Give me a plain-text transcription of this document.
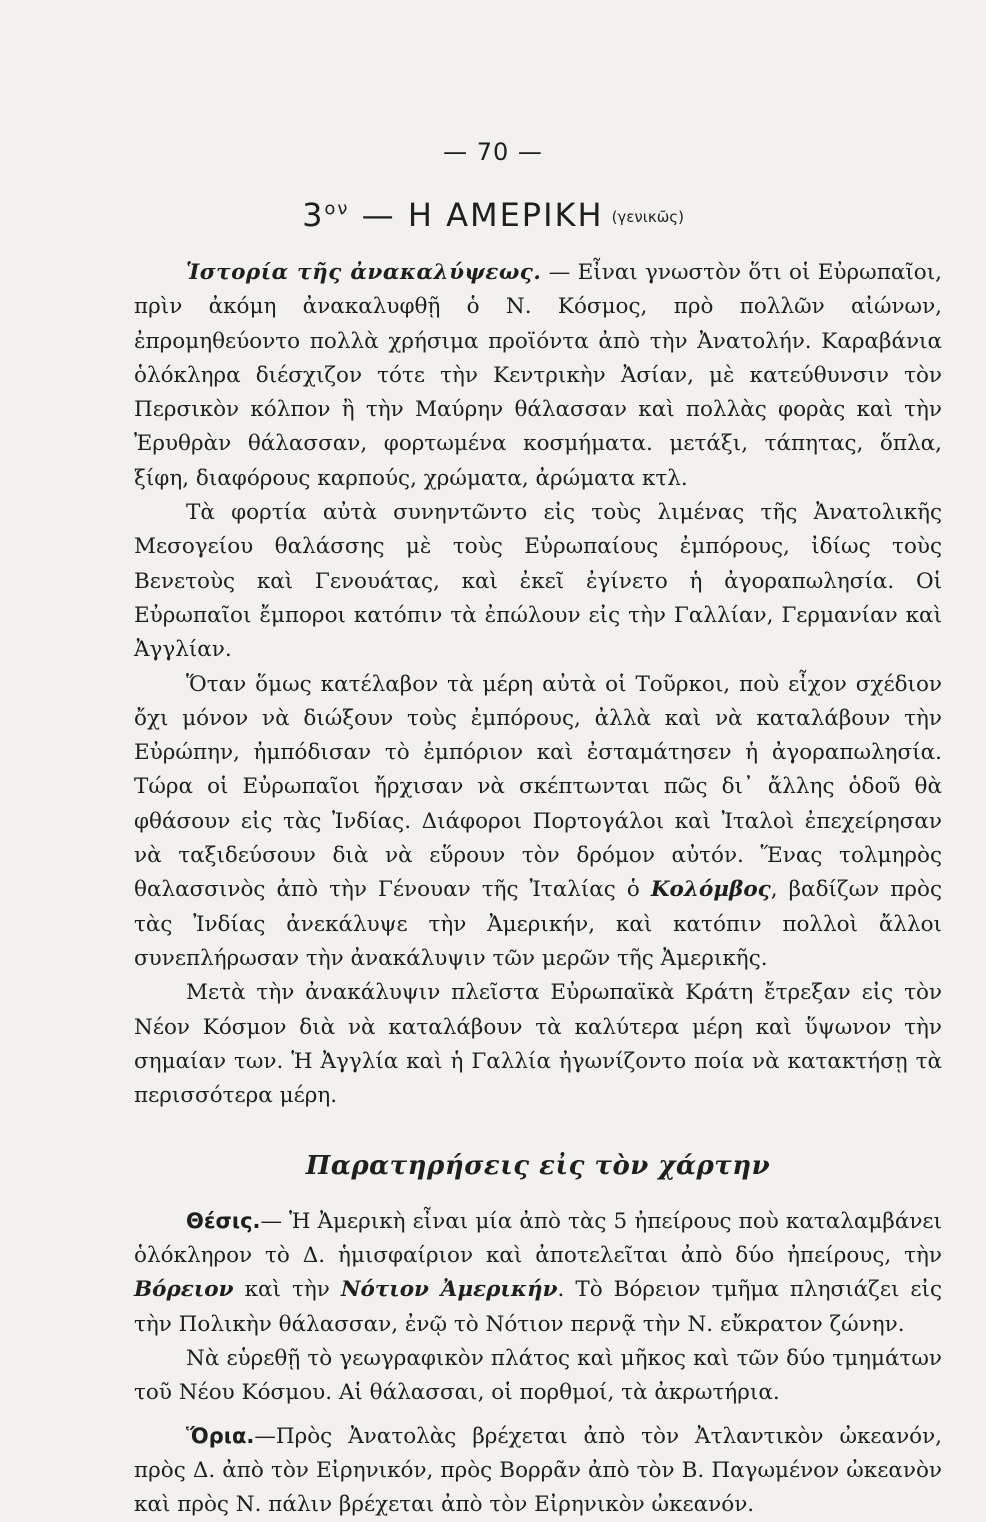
— 70 —
$3^{o\nu}$ — Η ΑΜΕΡΙΚΗ (γενικῶς)

Ἱστορία τῆς ἀνακαλύψεως. — Εἶναι γνωστὸν ὅτι οἱ Εὐρωπαῖοι, πρὶν ἀκόμη ἀνακαλυφθῇ ὁ Ν. Κόσμος, πρὸ πολλῶν αἰώνων, ἐπρομηθεύοντο πολλὰ χρήσιμα προϊόντα ἀπὸ τὴν Ἀνατολήν. Καραβάνια ὁλόκληρα διέσχιζον τότε τὴν Κεντρικὴν Ἀσίαν, μὲ κατεύθυνσιν τὸν Περσικὸν κόλπον ἢ τὴν Μαύρην θάλασσαν καὶ πολλὰς φορὰς καὶ τὴν Ἐρυθρὰν θάλασσαν, φορτωμένα κοσμήματα. μετάξι, τάπητας, ὅπλα, ξίφη, διαφόρους καρπούς, χρώματα, ἀρώματα κτλ.

Τὰ φορτία αὐτὰ συνηντῶντο εἰς τοὺς λιμένας τῆς Ἀνατολικῆς Μεσογείου θαλάσσης μὲ τοὺς Εὐρωπαίους ἐμπόρους, ἰδίως τοὺς Βενετοὺς καὶ Γενουάτας, καὶ ἐκεῖ ἐγίνετο ἡ ἀγοραπωλησία. Οἱ Εὐρωπαῖοι ἔμποροι κατόπιν τὰ ἐπώλουν εἰς τὴν Γαλλίαν, Γερμανίαν καὶ Ἀγγλίαν.

Ὅταν ὅμως κατέλαβον τὰ μέρη αὐτὰ οἱ Τοῦρκοι, ποὺ εἶχον σχέδιον ὄχι μόνον νὰ διώξουν τοὺς ἐμπόρους, ἀλλὰ καὶ νὰ καταλάβουν τὴν Εὐρώπην, ἠμπόδισαν τὸ ἐμπόριον καὶ ἐσταμάτησεν ἡ ἀγοραπωλησία. Τώρα οἱ Εὐρωπαῖοι ἤρχισαν νὰ σκέπτωνται πῶς δι᾿ ἄλλης ὁδοῦ θὰ φθάσουν εἰς τὰς Ἰνδίας. Διάφοροι Πορτογάλοι καὶ Ἰταλοὶ ἐπεχείρησαν νὰ ταξιδεύσουν διὰ νὰ εὕρουν τὸν δρόμον αὐτόν. Ἕνας τολμηρὸς θαλασσινὸς ἀπὸ τὴν Γένουαν τῆς Ἰταλίας ὁ Κολόμβος, βαδίζων πρὸς τὰς Ἰνδίας ἀνεκάλυψε τὴν Ἀμερικήν, καὶ κατόπιν πολλοὶ ἄλλοι συνεπλήρωσαν τὴν ἀνακάλυψιν τῶν μερῶν τῆς Ἀμερικῆς.

Μετὰ τὴν ἀνακάλυψιν πλεῖστα Εὐρωπαϊκὰ Κράτη ἔτρεξαν εἰς τὸν Νέον Κόσμον διὰ νὰ καταλάβουν τὰ καλύτερα μέρη καὶ ὕψωνον τὴν σημαίαν των. Ἡ Ἀγγλία καὶ ἡ Γαλλία ἠγωνίζοντο ποία νὰ κατακτήσῃ τὰ περισσότερα μέρη.

Παρατηρήσεις εἰς τὸν χάρτην

Θέσις.— Ἡ Ἀμερικὴ εἶναι μία ἀπὸ τὰς 5 ἠπείρους ποὺ καταλαμβάνει ὁλόκληρον τὸ Δ. ἡμισφαίριον καὶ ἀποτελεῖται ἀπὸ δύο ἠπείρους, τὴν Βόρειον καὶ τὴν Νότιον Ἀμερικήν. Τὸ Βόρειον τμῆμα πλησιάζει εἰς τὴν Πολικὴν θάλασσαν, ἐνῷ τὸ Νότιον περνᾷ τὴν Ν. εὔκρατον ζώνην.

Νὰ εὑρεθῇ τὸ γεωγραφικὸν πλάτος καὶ μῆκος καὶ τῶν δύο τμημάτων τοῦ Νέου Κόσμου. Αἱ θάλασσαι, οἱ πορθμοί, τὰ ἀκρωτήρια.

Ὅρια.—Πρὸς Ἀνατολὰς βρέχεται ἀπὸ τὸν Ἀτλαντικὸν ὠκεανόν, πρὸς Δ. ἀπὸ τὸν Εἰρηνικόν, πρὸς Βορρᾶν ἀπὸ τὸν Β. Παγωμένον ὠκεανὸν καὶ πρὸς Ν. πάλιν βρέχεται ἀπὸ τὸν Εἰρηνικὸν ὠκεανόν.
